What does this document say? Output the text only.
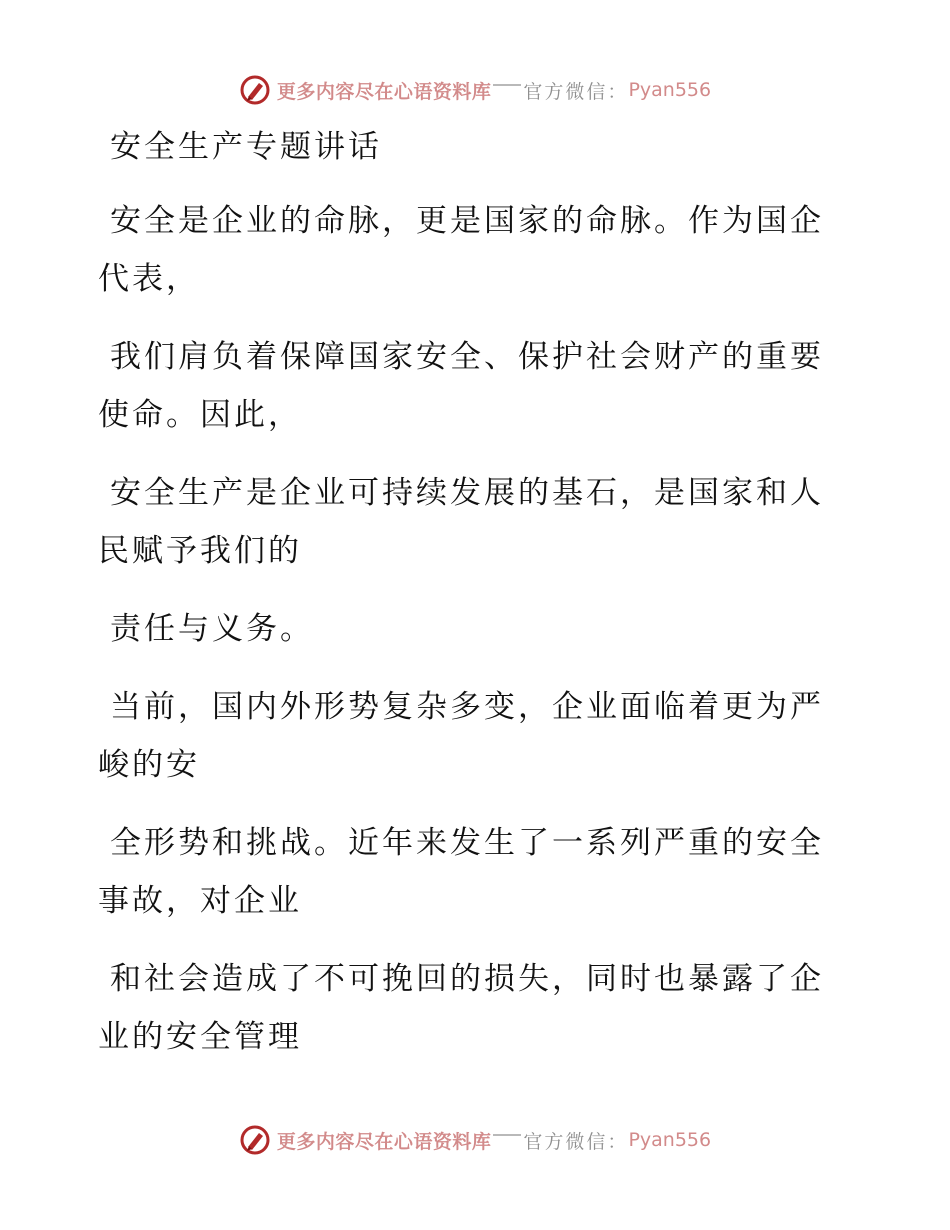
更多内容尽在心语资料库 官方微信： Pyan556

安全生产专题讲话

安全是企业的命脉，更是国家的命脉。作为国企
代表，

我们肩负着保障国家安全、保护社会财产的重要
使命。因此，

安全生产是企业可持续发展的基石，是国家和人
民赋予我们的

责任与义务。

当前，国内外形势复杂多变，企业面临着更为严
峻的安

全形势和挑战。近年来发生了一系列严重的安全
事故，对企业

和社会造成了不可挽回的损失，同时也暴露了企
业的安全管理

更多内容尽在心语资料库 官方微信： Pyan556
